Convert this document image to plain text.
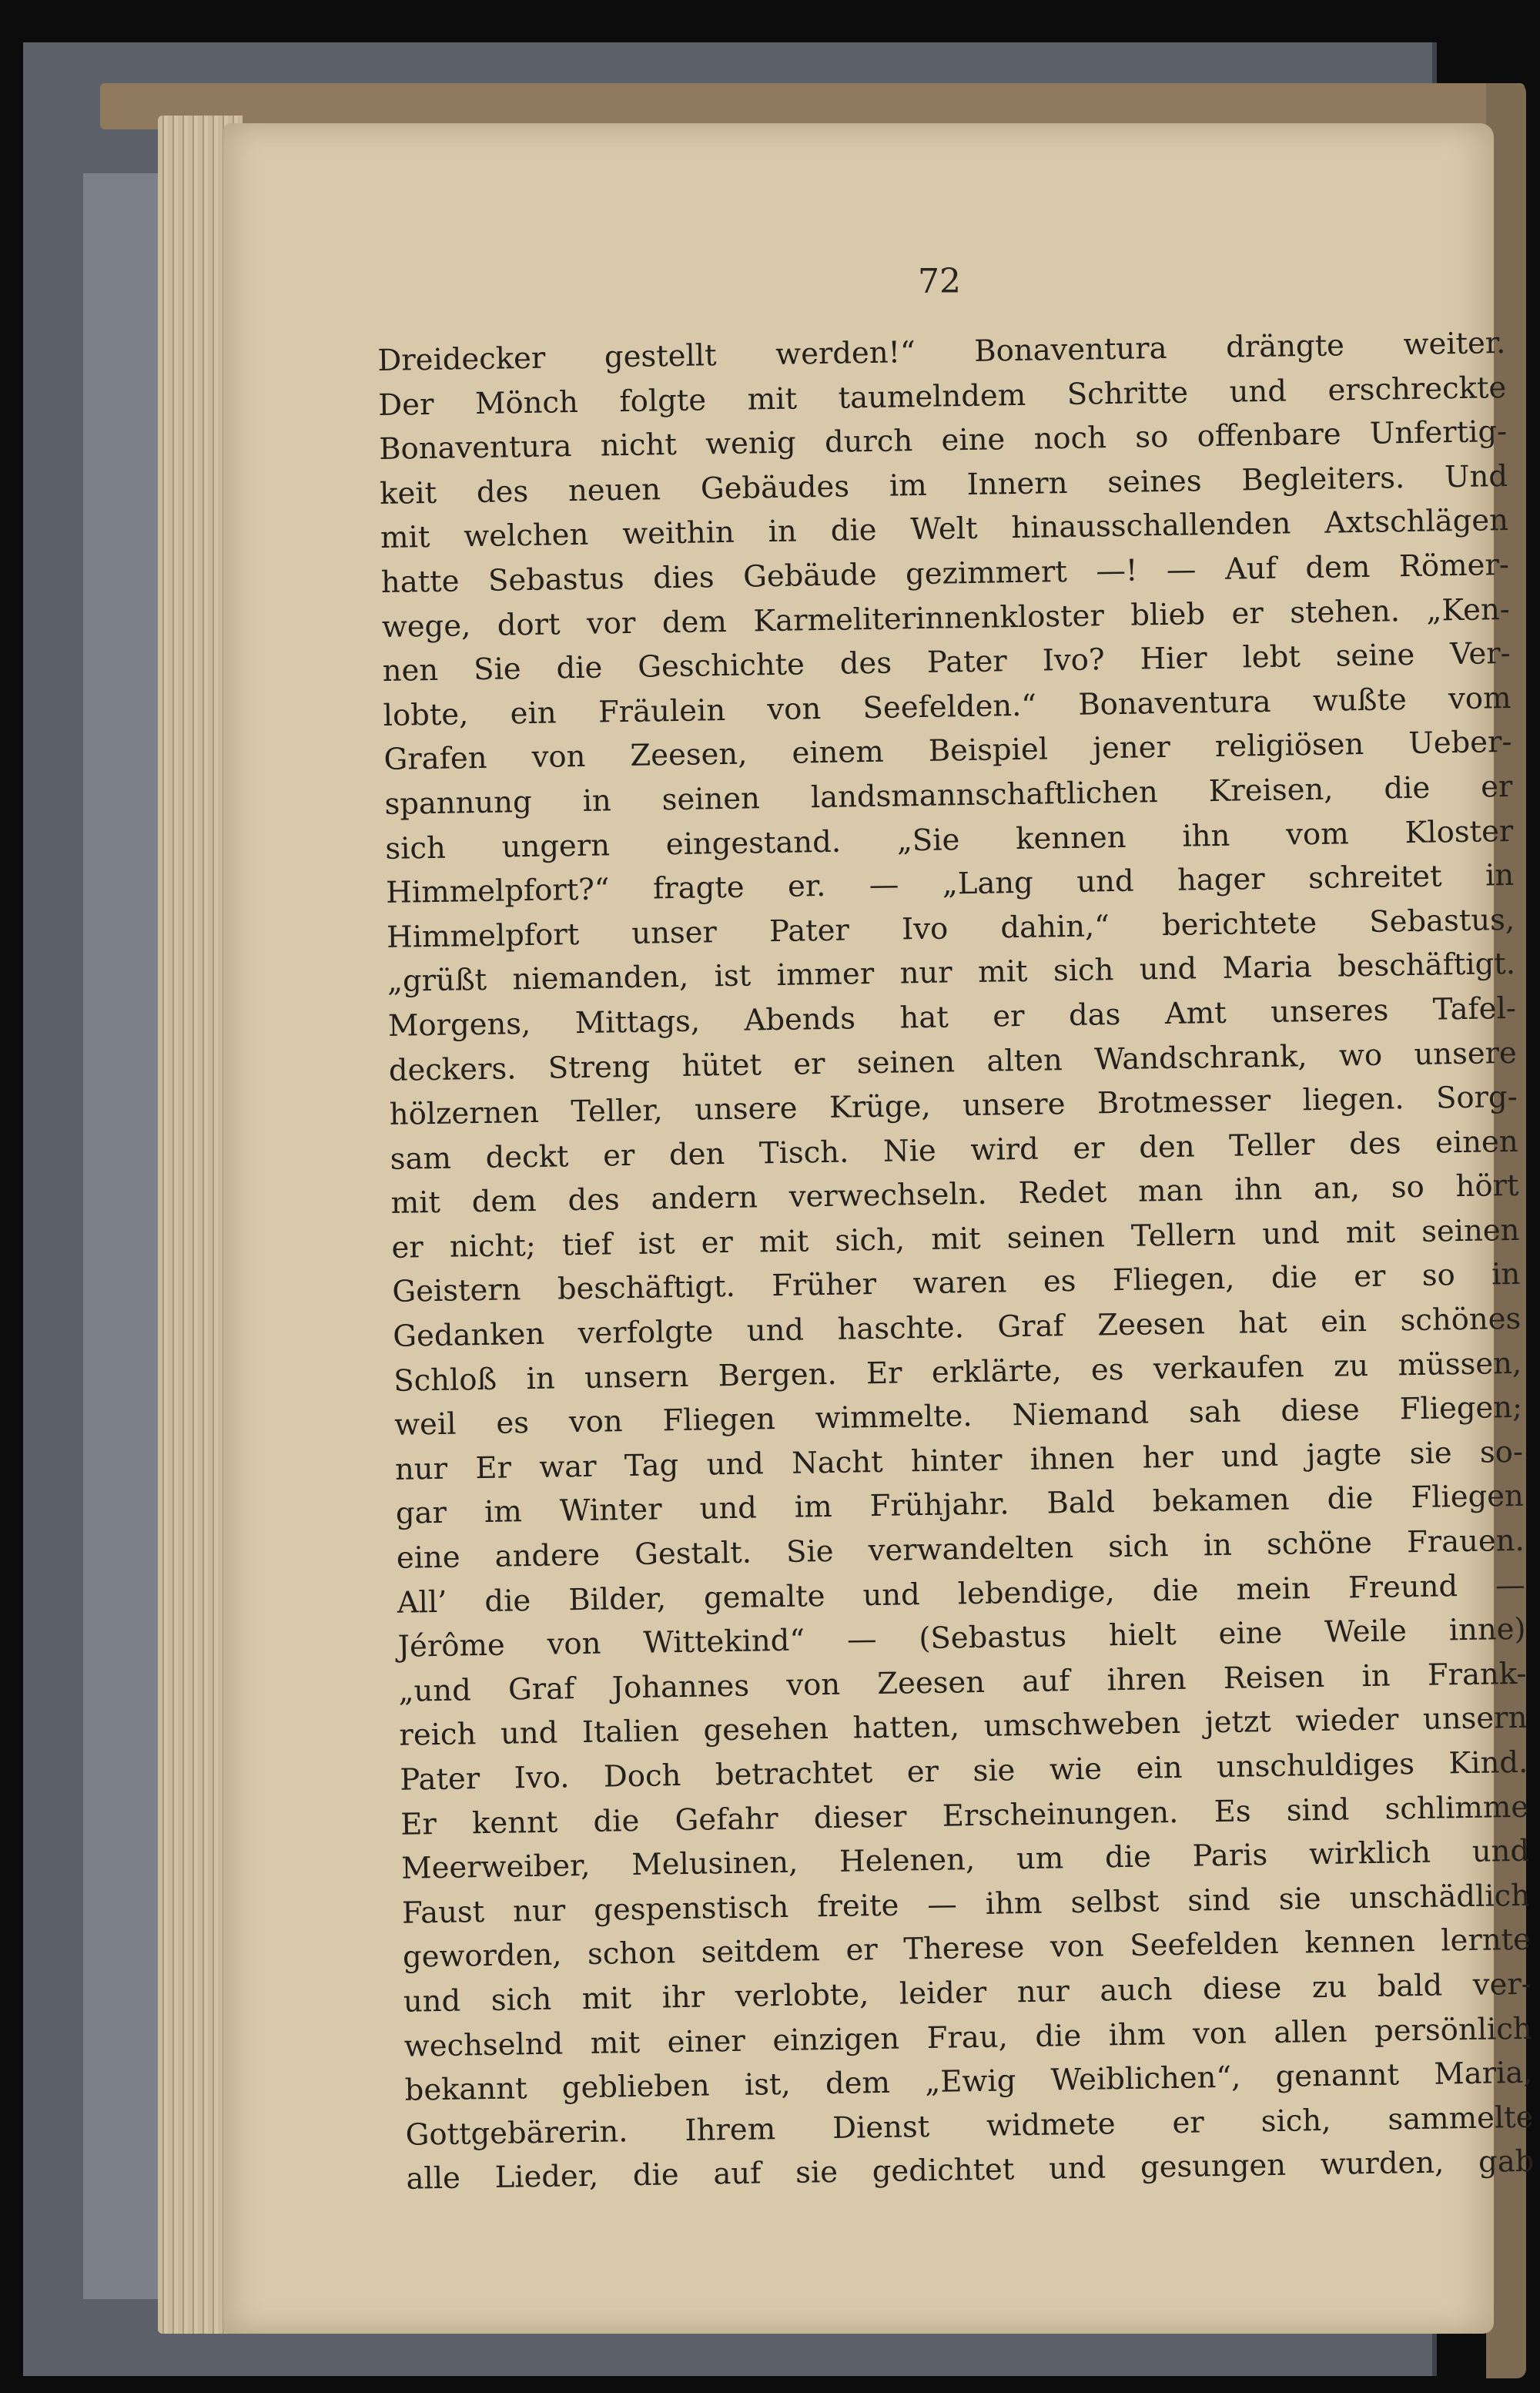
72
Dreidecker gestellt werden!“ Bonaventura drängte weiter.
Der Mönch folgte mit taumelndem Schritte und erschreckte
Bonaventura nicht wenig durch eine noch so offenbare Unfertig-
keit des neuen Gebäudes im Innern seines Begleiters. Und
mit welchen weithin in die Welt hinausschallenden Axtschlägen
hatte Sebastus dies Gebäude gezimmert —! — Auf dem Römer-
wege, dort vor dem Karmeliterinnenkloster blieb er stehen. „Ken-
nen Sie die Geschichte des Pater Ivo? Hier lebt seine Ver-
lobte, ein Fräulein von Seefelden.“ Bonaventura wußte vom
Grafen von Zeesen, einem Beispiel jener religiösen Ueber-
spannung in seinen landsmannschaftlichen Kreisen, die er
sich ungern eingestand. „Sie kennen ihn vom Kloster
Himmelpfort?“ fragte er. — „Lang und hager schreitet in
Himmelpfort unser Pater Ivo dahin,“ berichtete Sebastus,
„grüßt niemanden, ist immer nur mit sich und Maria beschäftigt.
Morgens, Mittags, Abends hat er das Amt unseres Tafel-
deckers. Streng hütet er seinen alten Wandschrank, wo unsere
hölzernen Teller, unsere Krüge, unsere Brotmesser liegen. Sorg-
sam deckt er den Tisch. Nie wird er den Teller des einen
mit dem des andern verwechseln. Redet man ihn an, so hört
er nicht; tief ist er mit sich, mit seinen Tellern und mit seinen
Geistern beschäftigt. Früher waren es Fliegen, die er so in
Gedanken verfolgte und haschte. Graf Zeesen hat ein schönes
Schloß in unsern Bergen. Er erklärte, es verkaufen zu müssen,
weil es von Fliegen wimmelte. Niemand sah diese Fliegen;
nur Er war Tag und Nacht hinter ihnen her und jagte sie so-
gar im Winter und im Frühjahr. Bald bekamen die Fliegen
eine andere Gestalt. Sie verwandelten sich in schöne Frauen.
All’ die Bilder, gemalte und lebendige, die mein Freund —
Jérôme von Wittekind“ — (Sebastus hielt eine Weile inne)
„und Graf Johannes von Zeesen auf ihren Reisen in Frank-
reich und Italien gesehen hatten, umschweben jetzt wieder unsern
Pater Ivo. Doch betrachtet er sie wie ein unschuldiges Kind.
Er kennt die Gefahr dieser Erscheinungen. Es sind schlimme
Meerweiber, Melusinen, Helenen, um die Paris wirklich und
Faust nur gespenstisch freite — ihm selbst sind sie unschädlich
geworden, schon seitdem er Therese von Seefelden kennen lernte
und sich mit ihr verlobte, leider nur auch diese zu bald ver-
wechselnd mit einer einzigen Frau, die ihm von allen persönlich
bekannt geblieben ist, dem „Ewig Weiblichen“, genannt Maria,
Gottgebärerin. Ihrem Dienst widmete er sich, sammelte
alle Lieder, die auf sie gedichtet und gesungen wurden, gab
